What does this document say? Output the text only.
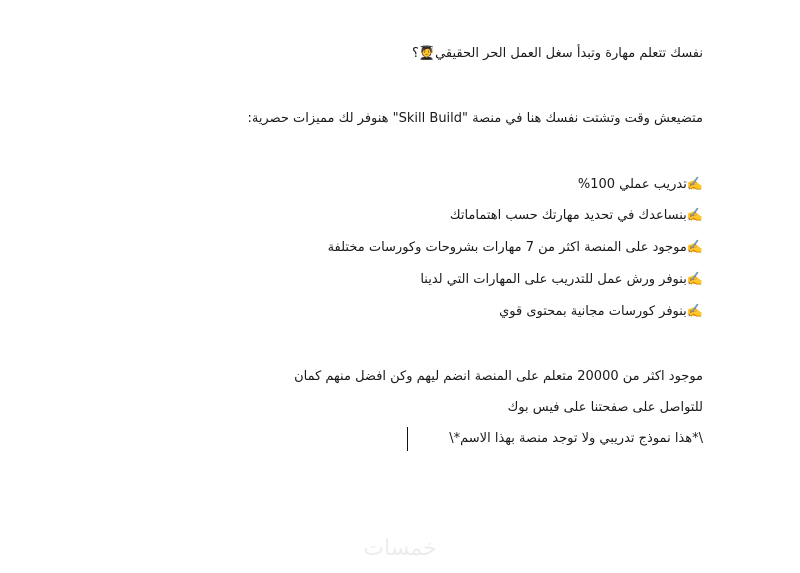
نفسك تتعلم مهارة وتبدأ سغل العمل الحر الحقيقي🧑‍🎓؟
متضيعش وقت وتشتت نفسك هنا في منصة "Skill Build" هنوفر لك مميزات حصرية:
✍️تدريب عملي 100%
✍️بنساعدك في تحديد مهارتك حسب اهتماماتك
✍️موجود على المنصة اكثر من 7 مهارات بشروحات وكورسات مختلفة
✍️بنوفر ورش عمل للتدريب على المهارات التي لدينا
✍️بنوفر كورسات مجانية بمحتوى قوي
موجود اكثر من 20000 متعلم على المنصة انضم ليهم وكن افضل منهم كمان
للتواصل على صفحتنا على فيس بوك
\*هذا نموذج تدريبي ولا توجد منصة بهذا الاسم*\
خمسات
